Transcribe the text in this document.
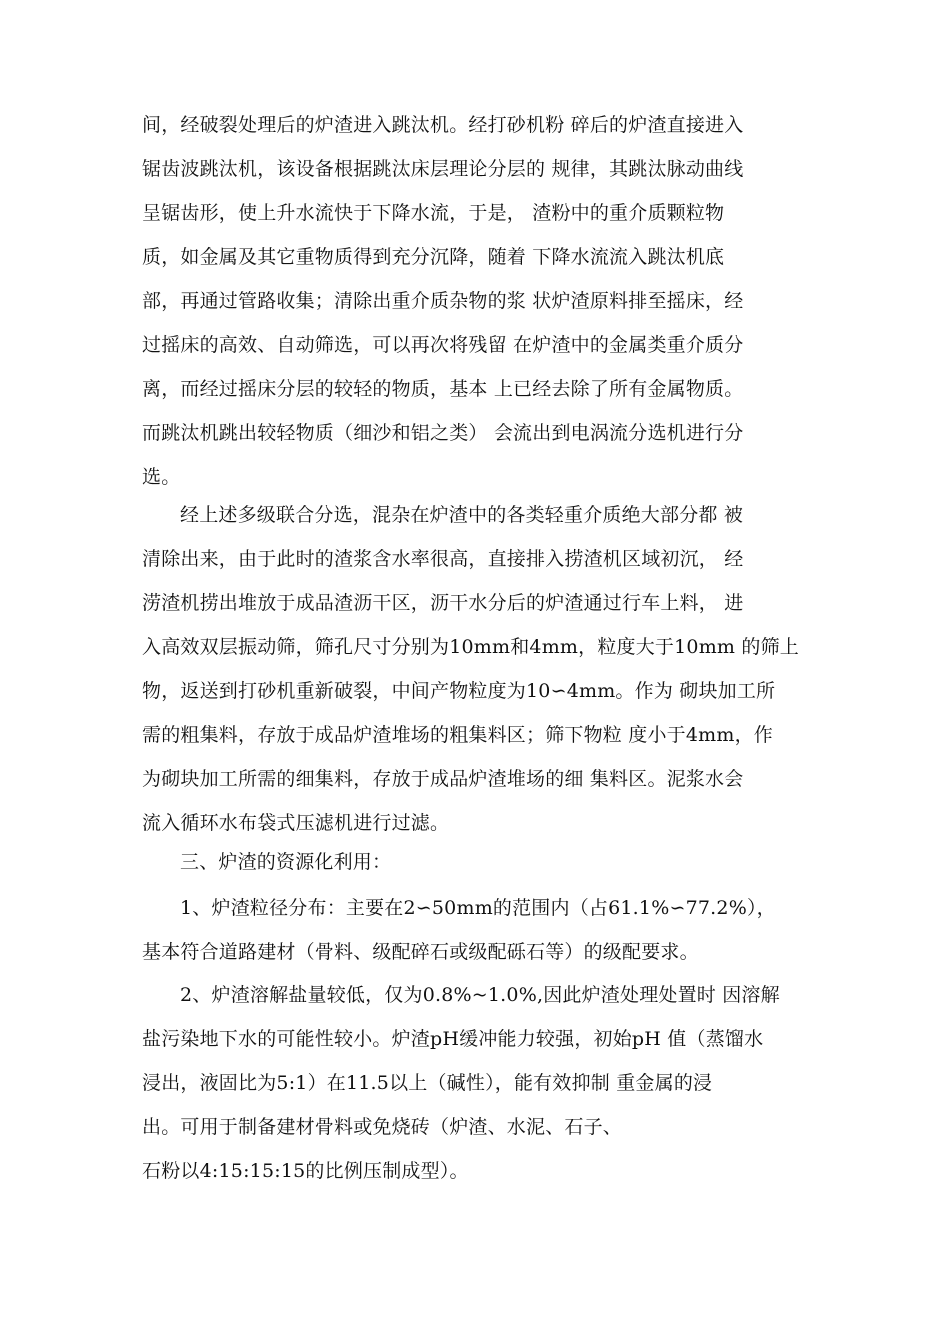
间，经破裂处理后的炉渣进入跳汰机。经打砂机粉 碎后的炉渣直接进入
锯齿波跳汰机，该设备根据跳汰床层理论分层的 规律，其跳汰脉动曲线
呈锯齿形，使上升水流快于下降水流，于是， 渣粉中的重介质颗粒物
质，如金属及其它重物质得到充分沉降，随着 下降水流流入跳汰机底
部，再通过管路收集；清除出重介质杂物的浆 状炉渣原料排至摇床，经
过摇床的高效、自动筛选，可以再次将残留 在炉渣中的金属类重介质分
离，而经过摇床分层的较轻的物质，基本 上已经去除了所有金属物质。
而跳汰机跳出较轻物质（细沙和铝之类） 会流出到电涡流分选机进行分
选。
经上述多级联合分选，混杂在炉渣中的各类轻重介质绝大部分都 被
清除出来，由于此时的渣浆含水率很高，直接排入捞渣机区域初沉， 经
涝渣机捞出堆放于成品渣沥干区，沥干水分后的炉渣通过行车上料， 进
入高效双层振动筛，筛孔尺寸分别为10mm和4mm，粒度大于10mm 的筛上
物，返送到打砂机重新破裂，中间产物粒度为10∽4mm。作为 砌块加工所
需的粗集料，存放于成品炉渣堆场的粗集料区；筛下物粒 度小于4mm，作
为砌块加工所需的细集料，存放于成品炉渣堆场的细 集料区。泥浆水会
流入循环水布袋式压滤机进行过滤。
三、炉渣的资源化利用：
1、炉渣粒径分布：主要在2∽50mm的范围内（占61.1%∽77.2%），
基本符合道路建材（骨料、级配碎石或级配砾石等）的级配要求。
2、炉渣溶解盐量较低，仅为0.8%~1.0%,因此炉渣处理处置时 因溶解
盐污染地下水的可能性较小。炉渣pH缓冲能力较强，初始pH 值（蒸馏水
浸出，液固比为5:1）在11.5以上（碱性），能有效抑制 重金属的浸
出。可用于制备建材骨料或免烧砖（炉渣、水泥、石子、
石粉以4:15:15:15的比例压制成型）。
